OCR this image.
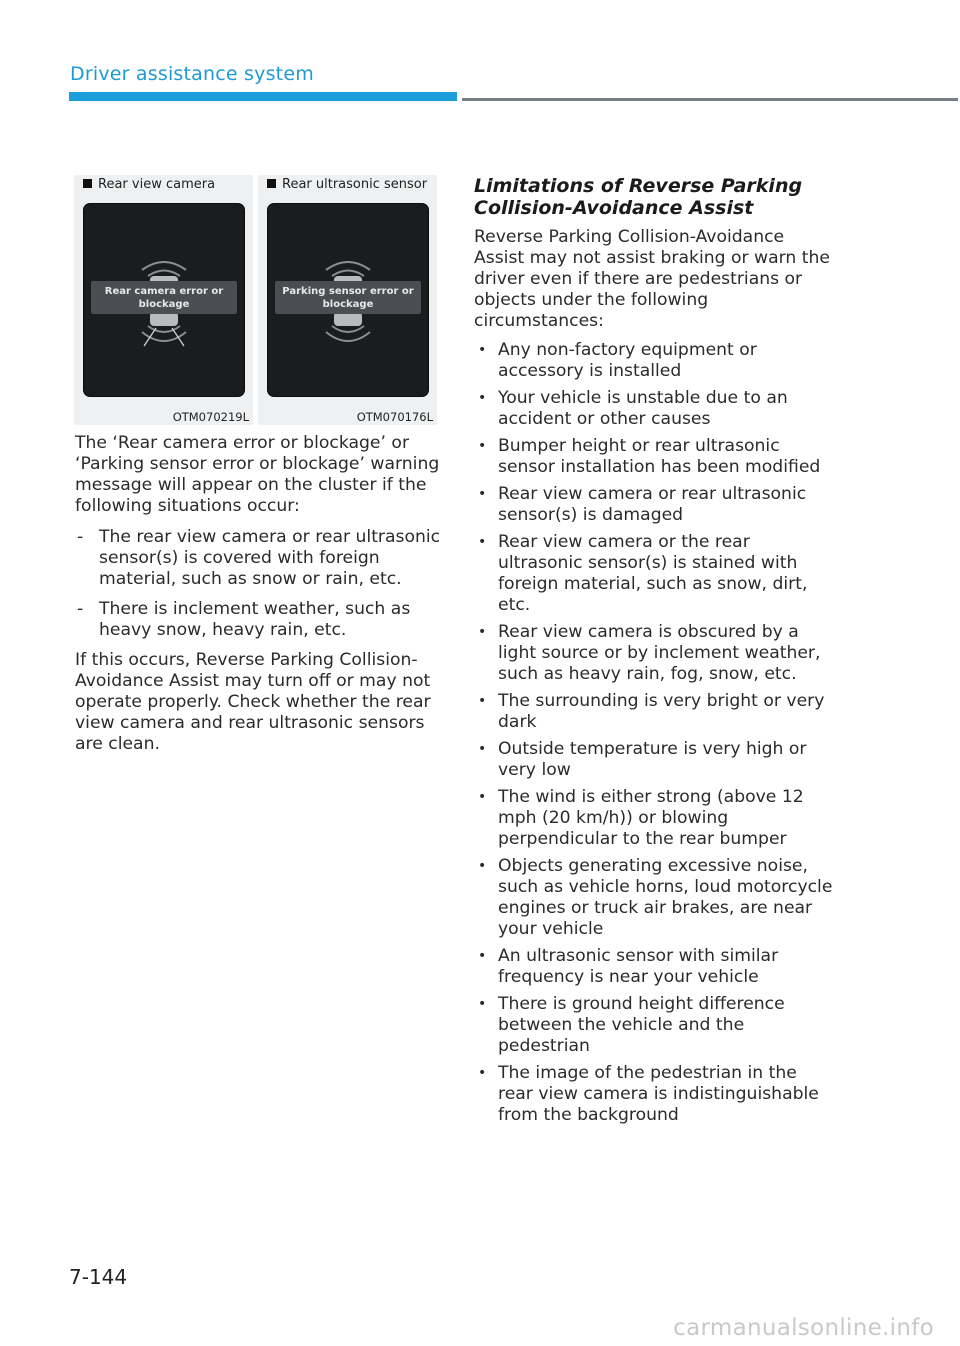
Driver assistance system
Rear view camera
Rear camera error or blockage
OTM070219L
Rear ultrasonic sensor
Parking sensor error or blockage
OTM070176L

The ‘Rear camera error or blockage’ or ‘Parking sensor error or blockage’ warning message will appear on the cluster if the following situations occur:

- The rear view camera or rear ultrasonic sensor(s) is covered with foreign material, such as snow or rain, etc.
- There is inclement weather, such as heavy snow, heavy rain, etc.

If this occurs, Reverse Parking Collision-Avoidance Assist may turn off or may not operate properly. Check whether the rear view camera and rear ultrasonic sensors are clean.

Limitations of Reverse Parking Collision-Avoidance Assist

Reverse Parking Collision-Avoidance Assist may not assist braking or warn the driver even if there are pedestrians or objects under the following circumstances:

• Any non-factory equipment or accessory is installed
• Your vehicle is unstable due to an accident or other causes
• Bumper height or rear ultrasonic sensor installation has been modified
• Rear view camera or rear ultrasonic sensor(s) is damaged
• Rear view camera or the rear ultrasonic sensor(s) is stained with foreign material, such as snow, dirt, etc.
• Rear view camera is obscured by a light source or by inclement weather, such as heavy rain, fog, snow, etc.
• The surrounding is very bright or very dark
• Outside temperature is very high or very low
• The wind is either strong (above 12 mph (20 km/h)) or blowing perpendicular to the rear bumper
• Objects generating excessive noise, such as vehicle horns, loud motorcycle engines or truck air brakes, are near your vehicle
• An ultrasonic sensor with similar frequency is near your vehicle
• There is ground height difference between the vehicle and the pedestrian
• The image of the pedestrian in the rear view camera is indistinguishable from the background
7-144
carmanualsonline.info
